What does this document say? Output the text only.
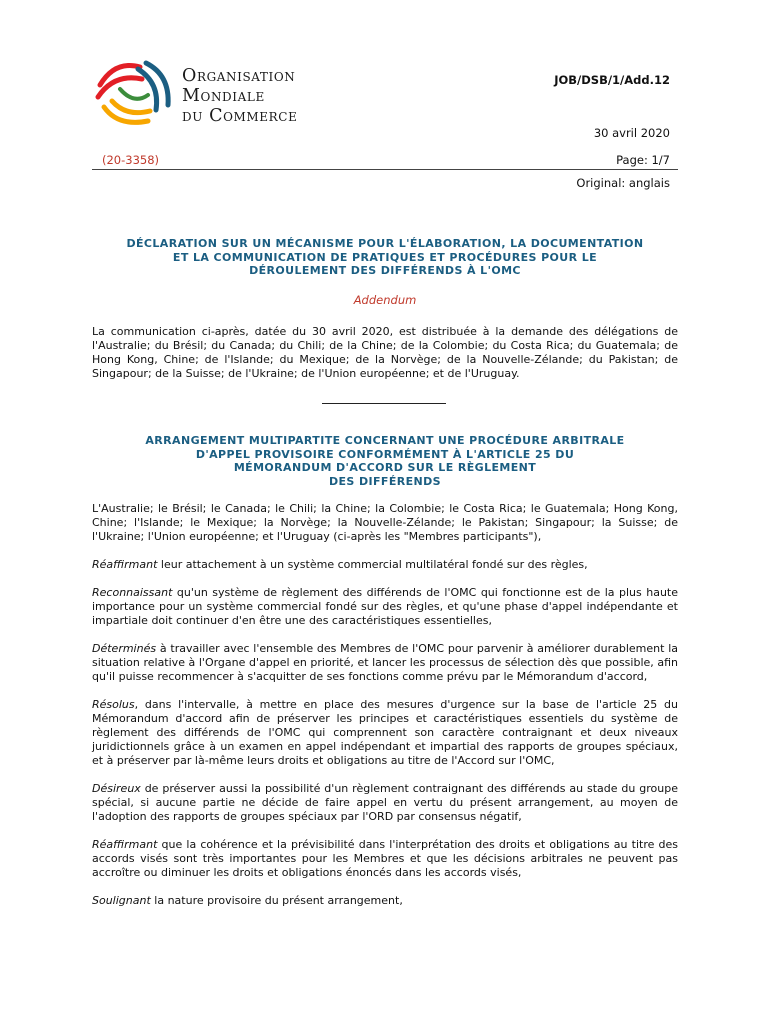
Organisation
Mondiale
du Commerce
JOB/DSB/1/Add.12
30 avril 2020
(20-3358)	Page: 1/7
Original: anglais
DÉCLARATION SUR UN MÉCANISME POUR L'ÉLABORATION, LA DOCUMENTATION
ET LA COMMUNICATION DE PRATIQUES ET PROCÉDURES POUR LE
DÉROULEMENT DES DIFFÉRENDS À L'OMC
Addendum
La communication ci-après, datée du 30 avril 2020, est distribuée à la demande des délégations de l'Australie; du Brésil; du Canada; du Chili; de la Chine; de la Colombie; du Costa Rica; du Guatemala; de Hong Kong, Chine; de l'Islande; du Mexique; de la Norvège; de la Nouvelle-Zélande; du Pakistan; de Singapour; de la Suisse; de l'Ukraine; de l'Union européenne; et de l'Uruguay.
ARRANGEMENT MULTIPARTITE CONCERNANT UNE PROCÉDURE ARBITRALE
D'APPEL PROVISOIRE CONFORMÉMENT À L'ARTICLE 25 DU
MÉMORANDUM D'ACCORD SUR LE RÈGLEMENT
DES DIFFÉRENDS

L'Australie; le Brésil; le Canada; le Chili; la Chine; la Colombie; le Costa Rica; le Guatemala; Hong Kong, Chine; l'Islande; le Mexique; la Norvège; la Nouvelle-Zélande; le Pakistan; Singapour; la Suisse; de l'Ukraine; l'Union européenne; et l'Uruguay (ci-après les "Membres participants"),

Réaffirmant leur attachement à un système commercial multilatéral fondé sur des règles,

Reconnaissant qu'un système de règlement des différends de l'OMC qui fonctionne est de la plus haute importance pour un système commercial fondé sur des règles, et qu'une phase d'appel indépendante et impartiale doit continuer d'en être une des caractéristiques essentielles,

Déterminés à travailler avec l'ensemble des Membres de l'OMC pour parvenir à améliorer durablement la situation relative à l'Organe d'appel en priorité, et lancer les processus de sélection dès que possible, afin qu'il puisse recommencer à s'acquitter de ses fonctions comme prévu par le Mémorandum d'accord,

Résolus, dans l'intervalle, à mettre en place des mesures d'urgence sur la base de l'article 25 du Mémorandum d'accord afin de préserver les principes et caractéristiques essentiels du système de règlement des différends de l'OMC qui comprennent son caractère contraignant et deux niveaux juridictionnels grâce à un examen en appel indépendant et impartial des rapports de groupes spéciaux, et à préserver par là-même leurs droits et obligations au titre de l'Accord sur l'OMC,

Désireux de préserver aussi la possibilité d'un règlement contraignant des différends au stade du groupe spécial, si aucune partie ne décide de faire appel en vertu du présent arrangement, au moyen de l'adoption des rapports de groupes spéciaux par l'ORD par consensus négatif,

Réaffirmant que la cohérence et la prévisibilité dans l'interprétation des droits et obligations au titre des accords visés sont très importantes pour les Membres et que les décisions arbitrales ne peuvent pas accroître ou diminuer les droits et obligations énoncés dans les accords visés,

Soulignant la nature provisoire du présent arrangement,
